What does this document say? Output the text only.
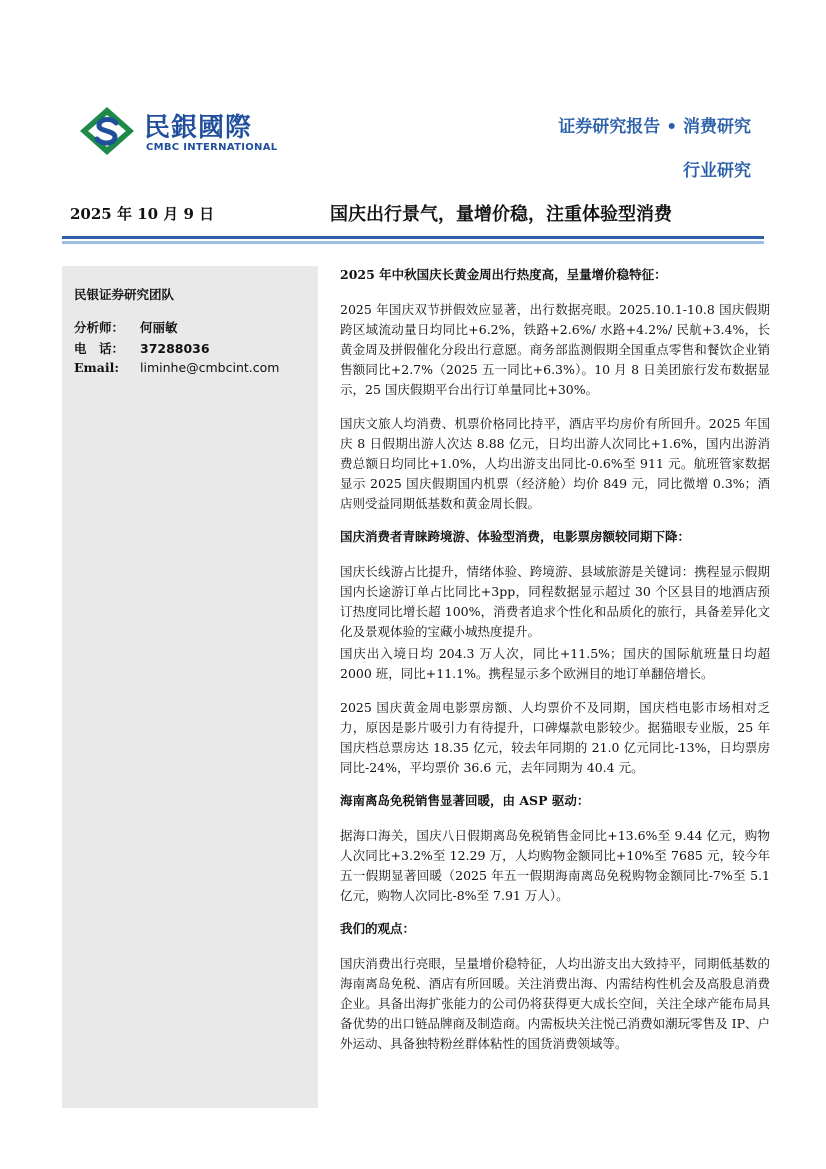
民銀國際
CMBC INTERNATIONAL
证券研究报告 • 消费研究
行业研究
2025 年 10 月 9 日	国庆出行景气，量增价稳，注重体验型消费
民银证券研究团队
分析师： 何丽敏
电　话： 37288036
Email: liminhe@cmbcint.com
2025 年中秋国庆长黄金周出行热度高，呈量增价稳特征：

2025 年国庆双节拼假效应显著，出行数据亮眼。2025.10.1-10.8 国庆假期跨区域流动量日均同比+6.2%，铁路+2.6%/ 水路+4.2%/ 民航+3.4%，长黄金周及拼假催化分段出行意愿。商务部监测假期全国重点零售和餐饮企业销售额同比+2.7%（2025 五一同比+6.3%）。10 月 8 日美团旅行发布数据显示，25 国庆假期平台出行订单量同比+30%。

国庆文旅人均消费、机票价格同比持平，酒店平均房价有所回升。2025 年国庆 8 日假期出游人次达 8.88 亿元，日均出游人次同比+1.6%，国内出游消费总额日均同比+1.0%，人均出游支出同比-0.6%至 911 元。航班管家数据显示 2025 国庆假期国内机票（经济舱）均价 849 元，同比微增 0.3%；酒店则受益同期低基数和黄金周长假。

国庆消费者青睐跨境游、体验型消费，电影票房额较同期下降：

国庆长线游占比提升，情绪体验、跨境游、县域旅游是关键词：携程显示假期国内长途游订单占比同比+3pp，同程数据显示超过 30 个区县目的地酒店预订热度同比增长超 100%，消费者追求个性化和品质化的旅行，具备差异化文化及景观体验的宝藏小城热度提升。

国庆出入境日均 204.3 万人次，同比+11.5%；国庆的国际航班量日均超 2000 班，同比+11.1%。携程显示多个欧洲目的地订单翻倍增长。

2025 国庆黄金周电影票房额、人均票价不及同期，国庆档电影市场相对乏力，原因是影片吸引力有待提升，口碑爆款电影较少。据猫眼专业版，25 年国庆档总票房达 18.35 亿元，较去年同期的 21.0 亿元同比-13%，日均票房同比-24%，平均票价 36.6 元，去年同期为 40.4 元。

海南离岛免税销售显著回暖，由 ASP 驱动：

据海口海关，国庆八日假期离岛免税销售金同比+13.6%至 9.44 亿元，购物人次同比+3.2%至 12.29 万，人均购物金额同比+10%至 7685 元，较今年五一假期显著回暖（2025 年五一假期海南离岛免税购物金额同比-7%至 5.1 亿元，购物人次同比-8%至 7.91 万人）。

我们的观点：

国庆消费出行亮眼，呈量增价稳特征，人均出游支出大致持平，同期低基数的海南离岛免税、酒店有所回暖。关注消费出海、内需结构性机会及高股息消费企业。具备出海扩张能力的公司仍将获得更大成长空间，关注全球产能布局具备优势的出口链品牌商及制造商。内需板块关注悦己消费如潮玩零售及 IP、户外运动、具备独特粉丝群体粘性的国货消费领域等。
